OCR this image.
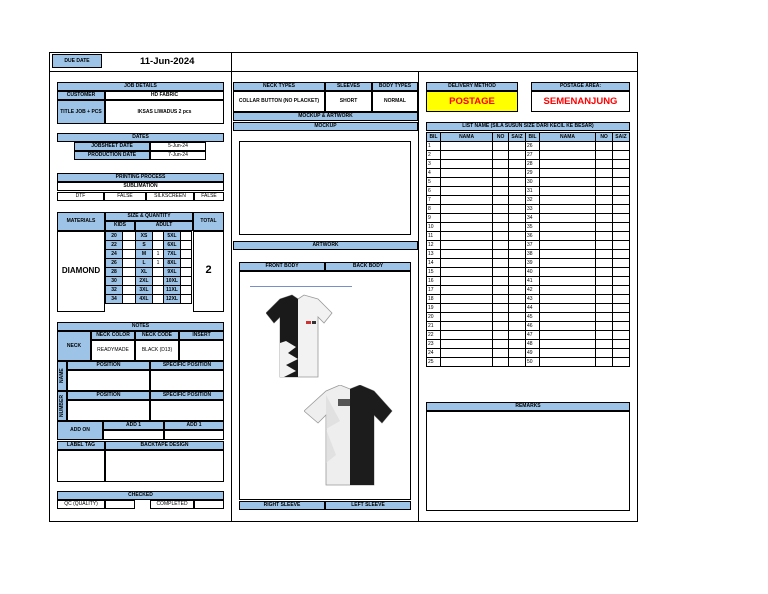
DUE DATE	11-Jun-2024
JOB DETAILS
CUSTOMER	HD FABRIC
TITLE JOB + PCS	IKSAS LIWADUS 2 pcs
DATES
JOBSHEET DATE	5-Jun-24
PRODUCTION DATE	7-Jun-24
PRINTING PROCESS
SUBLIMATION
DTF	FALSE	SILKSCREEN	FALSE
MATERIALS
SIZE & QUANTITY
TOTAL
KIDS	ADULT
DIAMOND	2
20		XS		5XL	
22		S		6XL	
24		M	1	7XL	
26		L	1	8XL	
28		XL		9XL	
30		2XL		10XL	
32		3XL		11XL	
34		4XL		12XL	
NOTES
NECK
NECK COLOR	NECK CODE	INSERT
READYMADE	BLACK (D13)
NAME
POSITION	SPECIFIC POSITION
NUMBER
POSITION	SPECIFIC POSITION
ADD ON
ADD 1	ADD 1
LABEL TAG	BACKTAPE DESIGN
CHECKED
QC (QUALITY)	COMPLETED
NECK TYPES	SLEEVES	BODY TYPES
COLLAR BUTTON (NO PLACKET)	SHORT	NORMAL
MOCKUP & ARTWORK
MOCKUP
ARTWORK
FRONT BODY	BACK BODY
RIGHT SLEEVE	LEFT SLEEVE
DELIVERY METHOD
POSTAGE
POSTAGE AREA:
SEMENANJUNG
LIST NAME (SILA SUSUN SIZE DARI KECIL KE BESAR)
BIL	NAMA	NO	SAIZ	BIL	NAMA	NO	SAIZ
1				26			
2				27			
3				28			
4				29			
5				30			
6				31			
7				32			
8				33			
9				34			
10				35			
11				36			
12				37			
13				38			
14				39			
15				40			
16				41			
17				42			
18				43			
19				44			
20				45			
21				46			
22				47			
23				48			
24				49			
25				50			
REMARKS
